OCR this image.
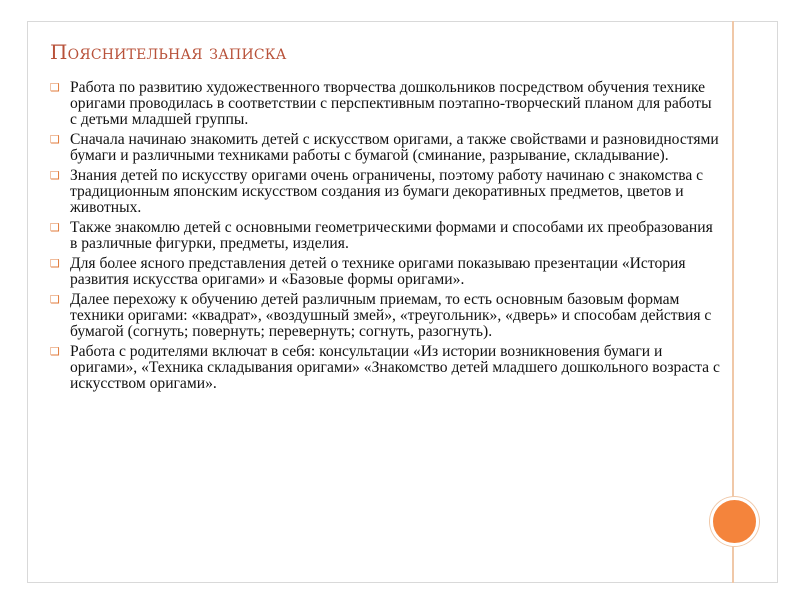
Пояснительная записка
❑ Работа по развитию художественного творчества дошкольников посредством обучения технике оригами проводилась в соответствии с перспективным поэтапно-творческий планом для работы с детьми младшей группы.
❑ Сначала начинаю знакомить детей с искусством оригами, а также свойствами и разновидностями бумаги и различными техниками работы с бумагой (сминание, разрывание, складывание).
❑ Знания детей по искусству оригами очень ограничены, поэтому работу начинаю с знакомства с традиционным японским искусством создания из бумаги декоративных предметов, цветов и животных.
❑ Также знакомлю детей с основными геометрическими формами и способами их преобразования в различные фигурки, предметы, изделия.
❑ Для более ясного представления детей о технике оригами показываю презентации «История развития искусства оригами» и «Базовые формы оригами».
❑ Далее перехожу к обучению детей различным приемам, то есть основным базовым формам техники оригами: «квадрат», «воздушный змей», «треугольник», «дверь» и способам действия с бумагой (согнуть; повернуть; перевернуть; согнуть, разогнуть).
❑ Работа с родителями включат в себя: консультации «Из истории возникновения бумаги и оригами», «Техника складывания оригами» «Знакомство детей младшего дошкольного возраста с искусством оригами».
